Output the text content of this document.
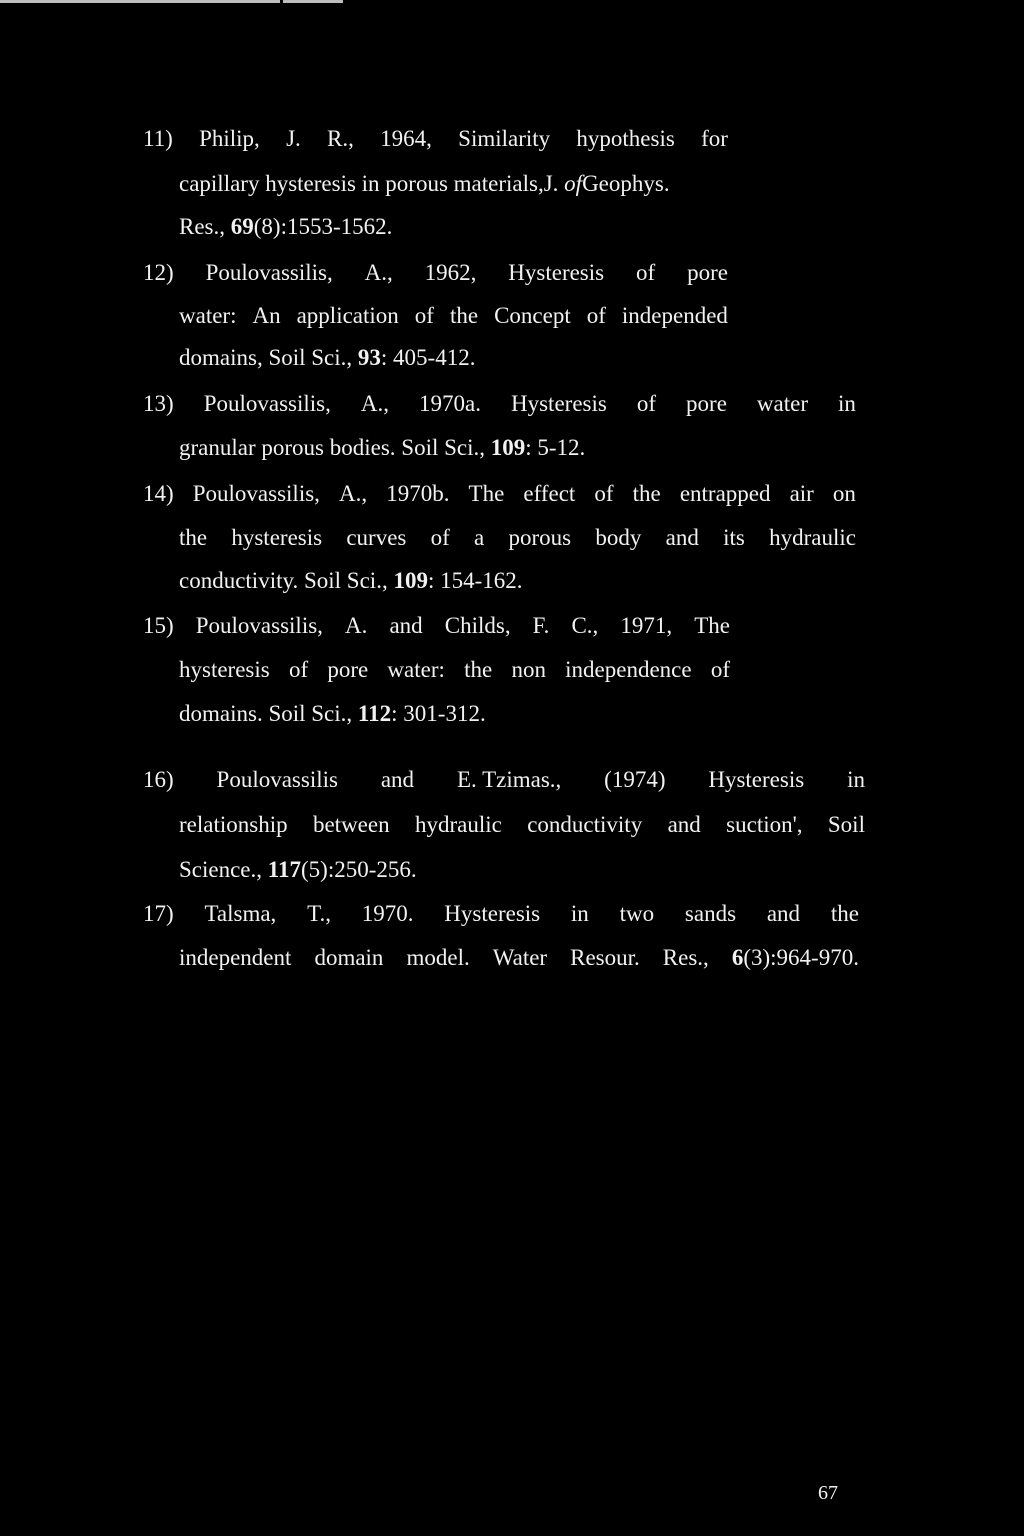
11) Philip, J. R., 1964, Similarity hypothesis for
capillary hysteresis in porous materials,J. ofGeophys.
Res., 69(8):1553-1562.
12) Poulovassilis, A., 1962, Hysteresis of pore
water: An application of the Concept of independed
domains, Soil Sci., 93: 405-412.
13) Poulovassilis, A., 1970a. Hysteresis of pore water in
granular porous bodies. Soil Sci., 109: 5-12.
14) Poulovassilis, A., 1970b. The effect of the entrapped air on
the hysteresis curves of a porous body and its hydraulic
conductivity. Soil Sci., 109: 154-162.
15) Poulovassilis, A. and Childs, F. C., 1971, The
hysteresis of pore water: the non independence of
domains. Soil Sci., 112: 301-312.
16) Poulovassilis and E. Tzimas., (1974) Hysteresis in
relationship between hydraulic conductivity and suction', Soil
Science., 117(5):250-256.
17) Talsma, T., 1970. Hysteresis in two sands and the
independent domain model. Water Resour. Res., 6(3):964-970.
67
